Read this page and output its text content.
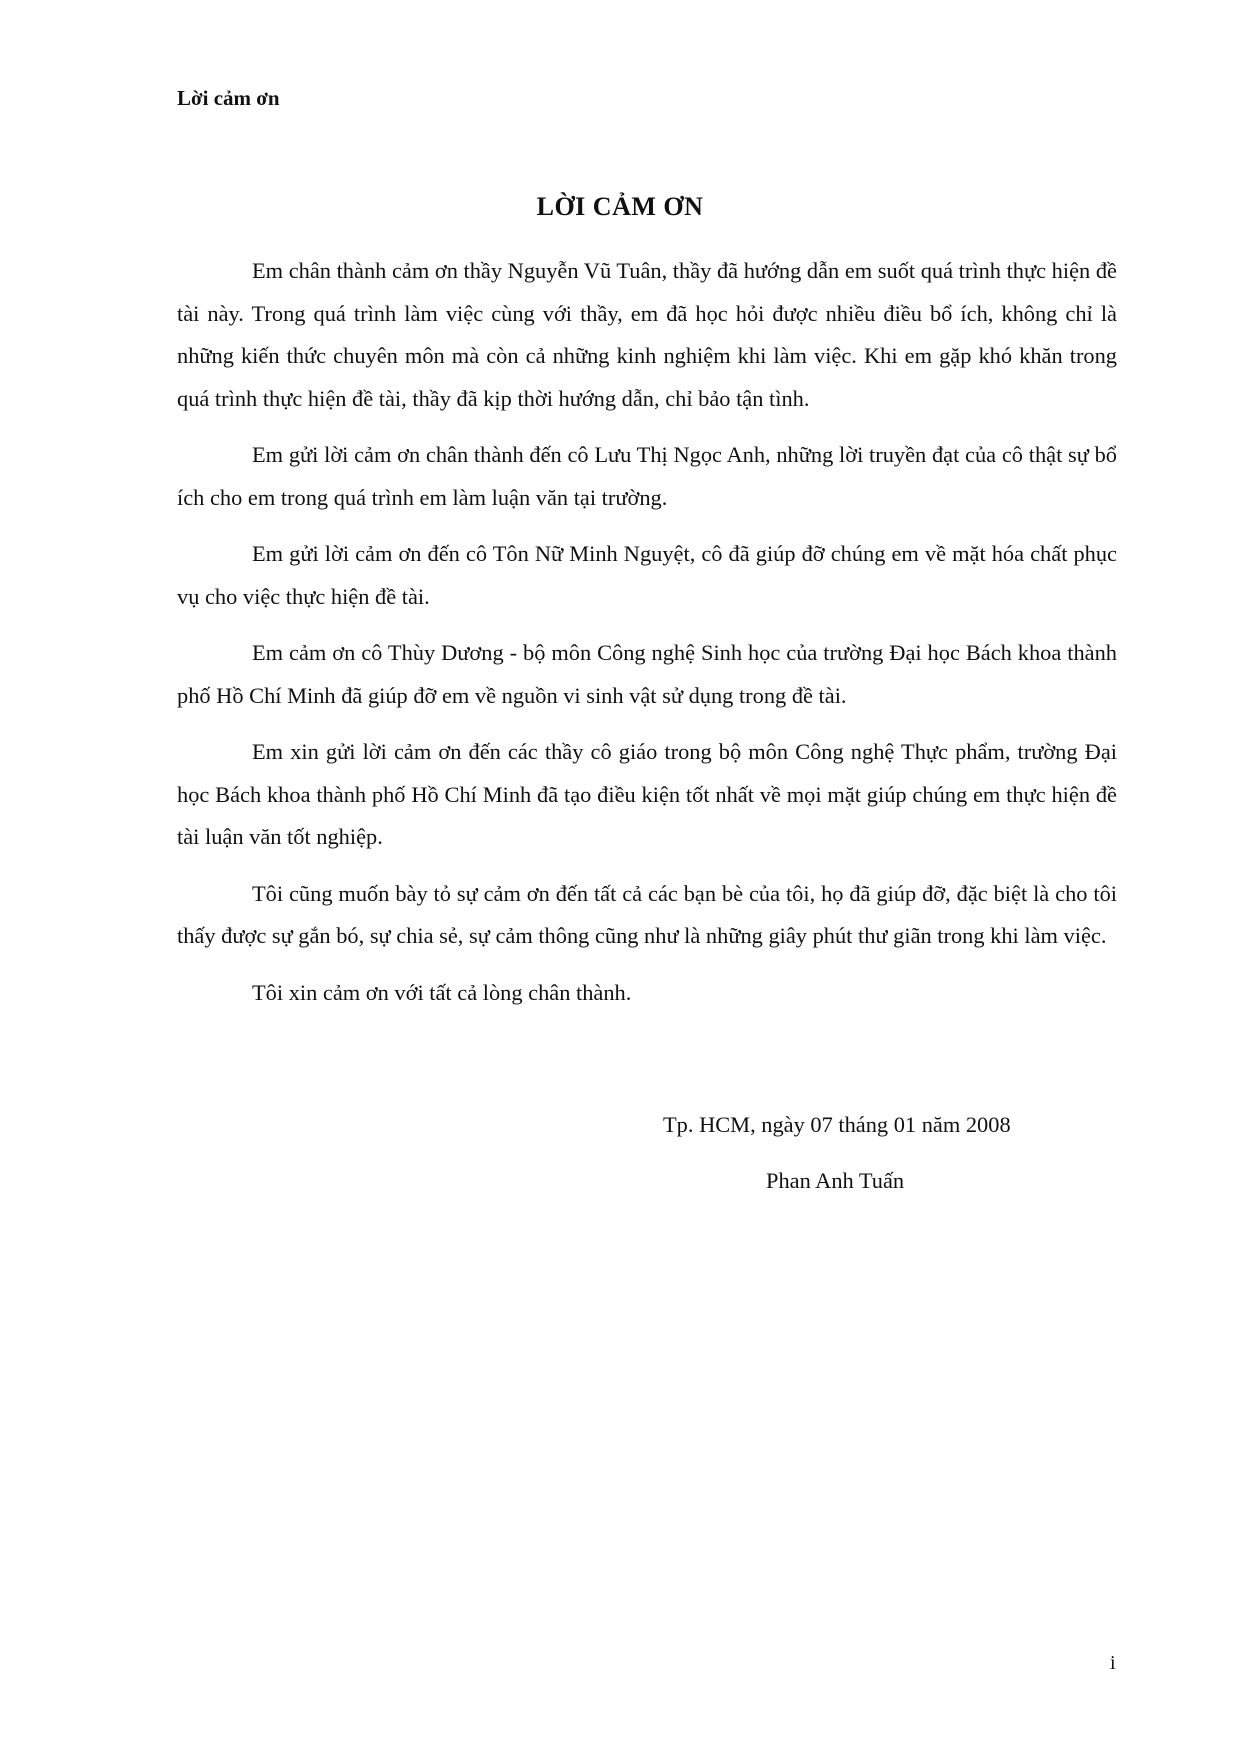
Lời cảm ơn
LỜI CẢM ƠN

Em chân thành cảm ơn thầy Nguyễn Vũ Tuân, thầy đã hướng dẫn em suốt quá trình thực hiện đề tài này. Trong quá trình làm việc cùng với thầy, em đã học hỏi được nhiều điều bổ ích, không chỉ là những kiến thức chuyên môn mà còn cả những kinh nghiệm khi làm việc. Khi em gặp khó khăn trong quá trình thực hiện đề tài, thầy đã kịp thời hướng dẫn, chỉ bảo tận tình.

Em gửi lời cảm ơn chân thành đến cô Lưu Thị Ngọc Anh, những lời truyền đạt của cô thật sự bổ ích cho em trong quá trình em làm luận văn tại trường.

Em gửi lời cảm ơn đến cô Tôn Nữ Minh Nguyệt, cô đã giúp đỡ chúng em về mặt hóa chất phục vụ cho việc thực hiện đề tài.

Em cảm ơn cô Thùy Dương - bộ môn Công nghệ Sinh học của trường Đại học Bách khoa thành phố Hồ Chí Minh đã giúp đỡ em về nguồn vi sinh vật sử dụng trong đề tài.

Em xin gửi lời cảm ơn đến các thầy cô giáo trong bộ môn Công nghệ Thực phẩm, trường Đại học Bách khoa thành phố Hồ Chí Minh đã tạo điều kiện tốt nhất về mọi mặt giúp chúng em thực hiện đề tài luận văn tốt nghiệp.

Tôi cũng muốn bày tỏ sự cảm ơn đến tất cả các bạn bè của tôi, họ đã giúp đỡ, đặc biệt là cho tôi thấy được sự gắn bó, sự chia sẻ, sự cảm thông cũng như là những giây phút thư giãn trong khi làm việc.

Tôi xin cảm ơn với tất cả lòng chân thành.

Tp. HCM, ngày 07 tháng 01 năm 2008
Phan Anh Tuấn
i
